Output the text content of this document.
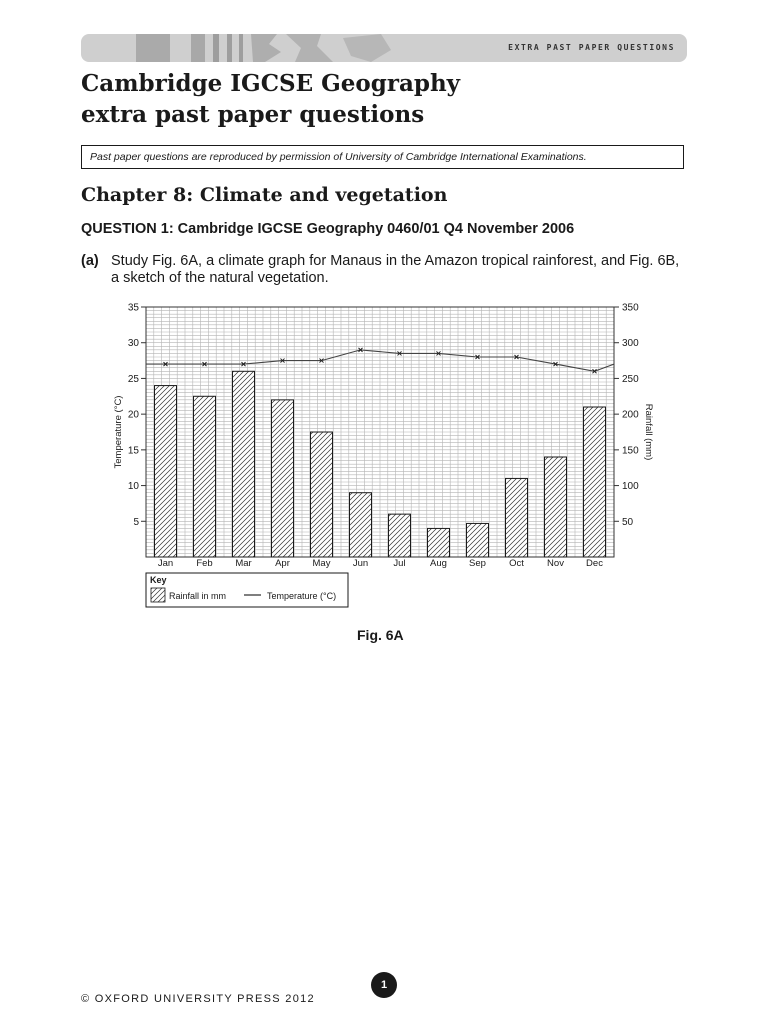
EXTRA PAST PAPER QUESTIONS
Cambridge IGCSE Geography
extra past paper questions
Past paper questions are reproduced by permission of University of Cambridge International Examinations.
Chapter 8: Climate and vegetation
QUESTION 1: Cambridge IGCSE Geography 0460/01 Q4 November 2006
(a) Study Fig. 6A, a climate graph for Manaus in the Amazon tropical rainforest, and Fig. 6B, a sketch of the natural vegetation.
5
10
15
20
25
30
35
50
100
150
200
250
300
350
Jan Feb Mar Apr May Jun	Jul	Aug Sep Oct Nov Dec
Temperature (°C)	Rainfall (mm)
Key
Rainfall in mm	Temperature (°C)
Fig. 6A
1
© OXFORD UNIVERSITY PRESS 2012
